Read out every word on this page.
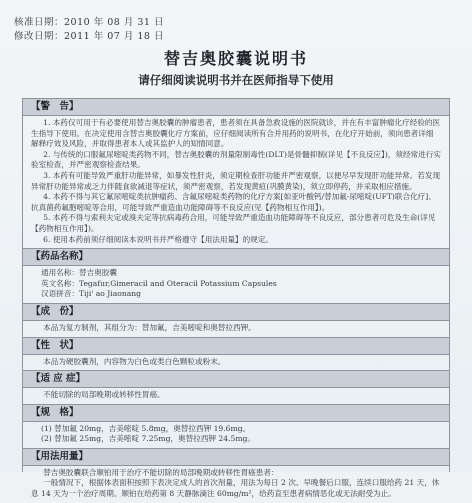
核准日期：2010 年 08 月 31 日
修改日期：2011 年 07 月 18 日
替吉奥胶囊说明书
请仔细阅读说明书并在医师指导下使用
【警　告】

1. 本药仅可用于有必要使用替吉奥胶囊的肿瘤患者，患者须在具备急救设施的医院就诊，并在有丰富肿瘤化疗经验的医生指导下使用。在决定使用含替吉奥胶囊化疗方案前，应仔细阅读所有合并用药的说明书，在化疗开始前，须向患者详细解释疗效及风险，并取得患者本人或其监护人的知情同意。

2. 与传统的口服氟尿嘧啶类药物不同，替吉奥胶囊的剂量限制毒性(DLT)是骨髓抑制(详见【不良反应】)，须经常进行实验室检查，并严密观察检查结果。

3. 本药有可能导致严重肝功能异常，如暴发性肝炎，须定期检查肝功能并严密观察，以便尽早发现肝功能异常。若发现异常肝功能异常或乏力伴随食欲减退等症状，须严密观察，若发现黄疸(巩膜黄染)，须立即停药，并采取相应措施。

4. 本药不得与其它氟尿嘧啶类抗肿瘤药、含氟尿嘧啶类药物的化疗方案[如亚叶酸钙/替加氟-尿嘧啶(UFT)联合化疗]、抗真菌药氟胞嘧啶等合用，可能导致严重造血功能障碍等不良反应(见【药物相互作用】)。

5. 本药不得与索利夫定或溴夫定等抗病毒药合用，可能导致严重造血功能障碍等不良反应，部分患者可危及生命(详见【药物相互作用】)。

6. 使用本药前须仔细阅读本说明书并严格遵守【用法用量】的规定。

【药品名称】

通用名称：替吉奥胶囊

英文名称：Tegafur,Gimeracil and Oteracil Potassium Capsules

汉语拼音：Tiji' ao Jiaonang

【成　份】

本品为复方制剂，其组分为：替加氟，吉美嘧啶和奥替拉西钾。

【性　状】

本品为硬胶囊剂，内容物为白色或类白色颗粒或粉末。

【适 应 症】

不能切除的局部晚期或转移性胃癌。

【规　格】

(1) 替加氟 20mg，吉美嘧啶 5.8mg，奥替拉西钾 19.6mg。

(2) 替加氟 25mg，吉美嘧啶 7.25mg，奥替拉西钾 24.5mg。

【用法用量】

替吉奥胶囊联合顺铂用于治疗不能切除的局部晚期或转移性胃癌患者：

一般情况下，根据体表面积按照下表决定成人的首次剂量，用法为每日 2 次、早晚餐后口服，连续口服给药 21 天，休息 14 天为一个治疗周期。顺铂在给药第 8 天静脉滴注 60mg/m²，给药直至患者病情恶化或无法耐受为止。
